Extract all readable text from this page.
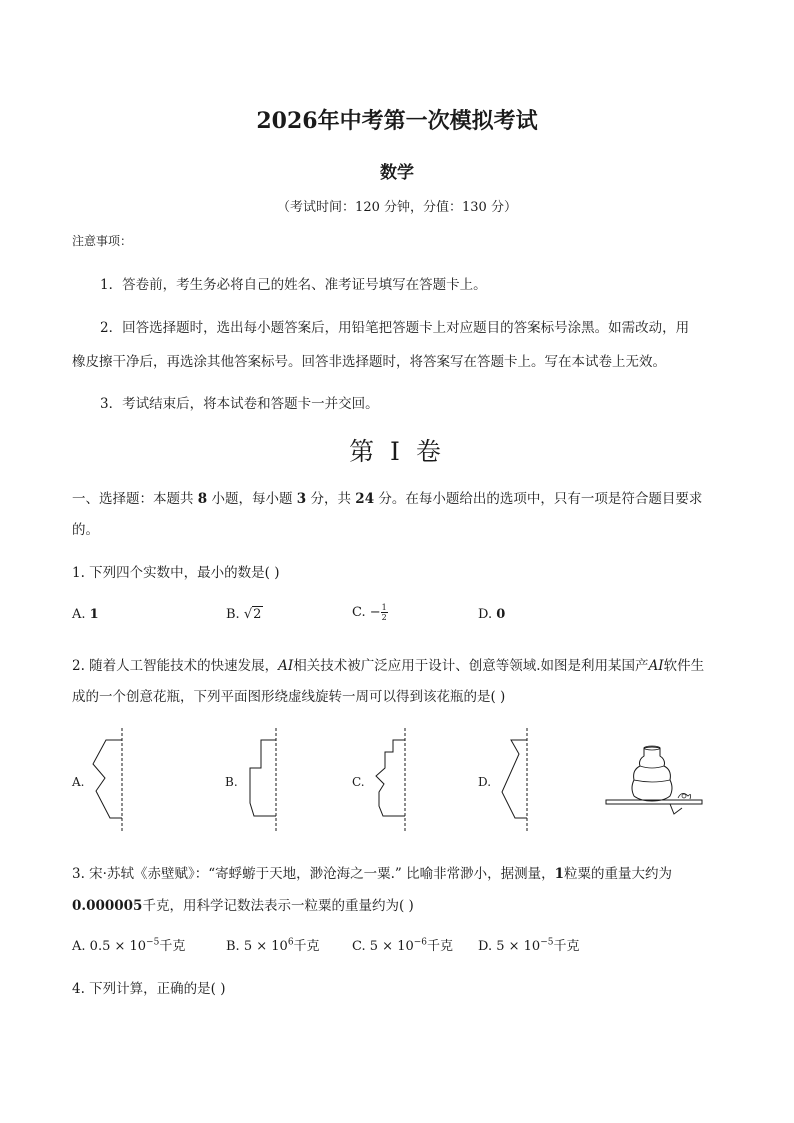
2026年中考第一次模拟考试
数学
（考试时间：120 分钟，分值：130 分）
注意事项：
1．答卷前，考生务必将自己的姓名、准考证号填写在答题卡上。
2．回答选择题时，选出每小题答案后，用铅笔把答题卡上对应题目的答案标号涂黑。如需改动，用
橡皮擦干净后，再选涂其他答案标号。回答非选择题时，将答案写在答题卡上。写在本试卷上无效。
3．考试结束后，将本试卷和答题卡一并交回。
第 I 卷
一、选择题：本题共 8 小题，每小题 3 分，共 24 分。在每小题给出的选项中，只有一项是符合题目要求
的。
1. 下列四个实数中，最小的数是( )
A. 1	B. √2	C. − $\frac{1}{2}$	D. 0
2. 随着人工智能技术的快速发展，AI相关技术被广泛应用于设计、创意等领域.如图是利用某国产AI软件生
成的一个创意花瓶，下列平面图形绕虚线旋转一周可以得到该花瓶的是( )
A.	B.	C.	D.
3. 宋·苏轼《赤壁赋》：“寄蜉蝣于天地，渺沧海之一粟.” 比喻非常渺小，据测量，1粒粟的重量大约为
0.000005千克，用科学记数法表示一粒粟的重量约为( )
A. $0.5 \times 10^{-5}$千克	B. $5 \times 10^6$千克 C. $5 \times 10^{-6}$千克 D. $5 \times 10^{-5}$千克
4. 下列计算，正确的是( )
